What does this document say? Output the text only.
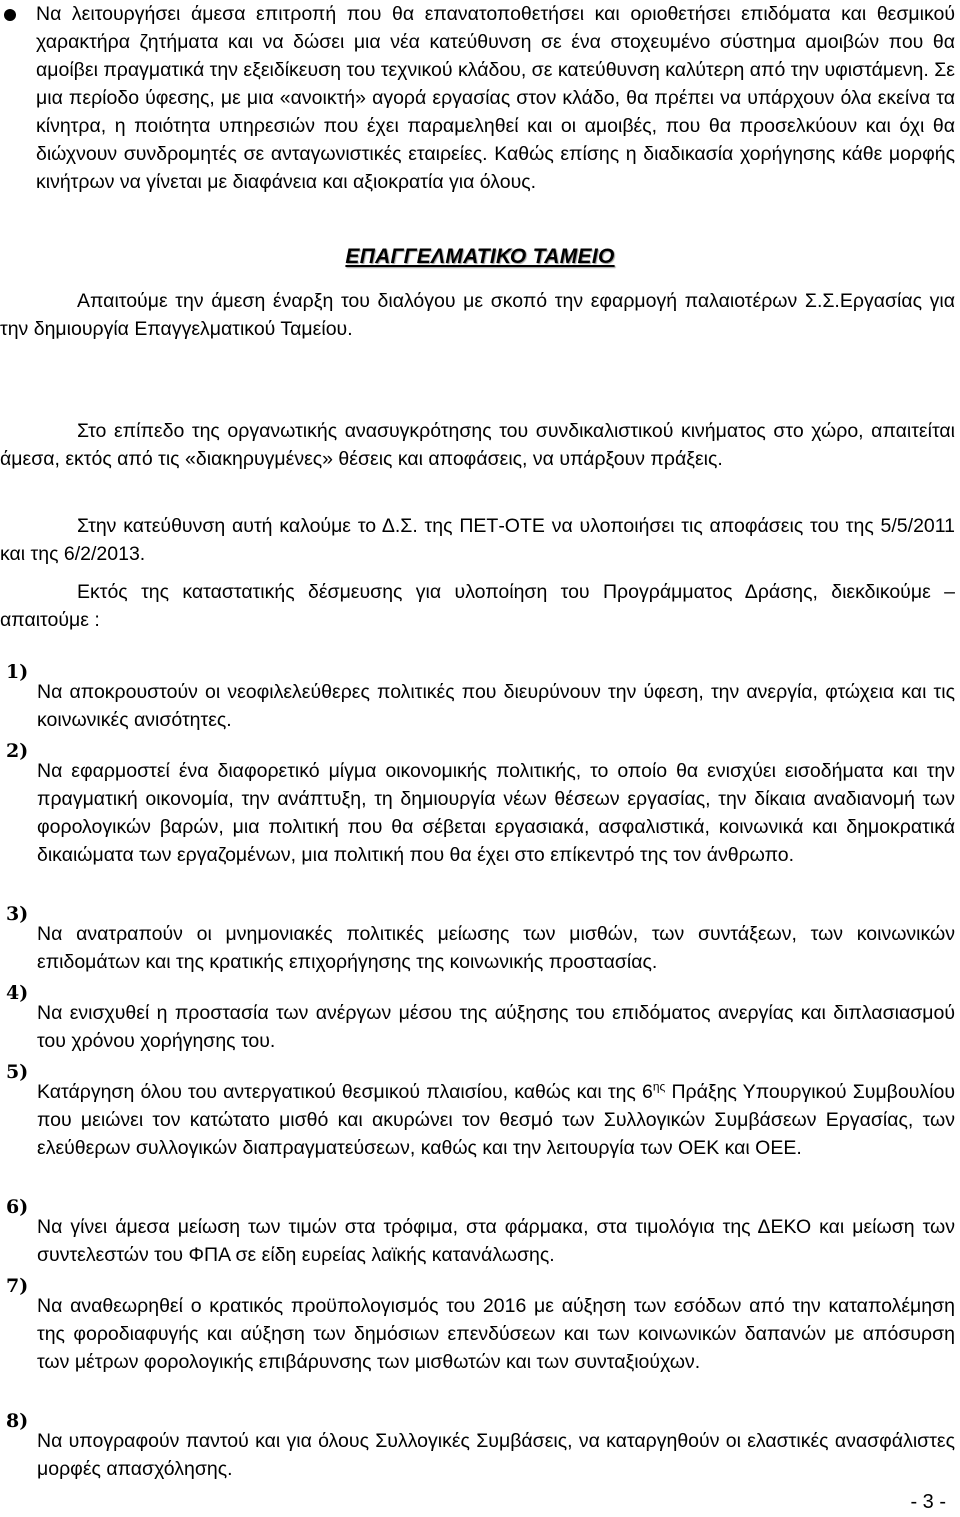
Να λειτουργήσει άμεσα επιτροπή που θα επανατοποθετήσει και οριοθετήσει επιδόματα και θεσμικού χαρακτήρα ζητήματα και να δώσει μια νέα κατεύθυνση σε ένα στοχευμένο σύστημα αμοιβών που θα αμοίβει πραγματικά την εξειδίκευση του τεχνικού κλάδου, σε κατεύθυνση καλύτερη από την υφιστάμενη. Σε μια περίοδο ύφεσης, με μια «ανοικτή» αγορά εργασίας στον κλάδο, θα πρέπει να υπάρχουν όλα εκείνα τα κίνητρα, η ποιότητα υπηρεσιών που έχει παραμεληθεί και οι αμοιβές, που θα προσελκύουν και όχι θα διώχνουν συνδρομητές σε ανταγωνιστικές εταιρείες. Καθώς επίσης η διαδικασία χορήγησης κάθε μορφής κινήτρων να γίνεται με διαφάνεια και αξιοκρατία για όλους.

ΕΠΑΓΓΕΛΜΑΤΙΚΟ ΤΑΜΕΙΟ

Απαιτούμε την άμεση έναρξη του διαλόγου με σκοπό την εφαρμογή παλαιοτέρων Σ.Σ.Εργασίας για την δημιουργία Επαγγελματικού Ταμείου.

Στο επίπεδο της οργανωτικής ανασυγκρότησης του συνδικαλιστικού κινήματος στο χώρο, απαιτείται άμεσα, εκτός από τις «διακηρυγμένες» θέσεις και αποφάσεις, να υπάρξουν πράξεις.

Στην κατεύθυνση αυτή καλούμε το Δ.Σ. της ΠΕΤ-ΟΤΕ να υλοποιήσει τις αποφάσεις του της 5/5/2011 και της 6/2/2013.

Εκτός της καταστατικής δέσμευσης για υλοποίηση του Προγράμματος Δράσης, διεκδικούμε – απαιτούμε :

1)

Να αποκρουστούν οι νεοφιλελεύθερες πολιτικές που διευρύνουν την ύφεση, την ανεργία, φτώχεια και τις κοινωνικές ανισότητες.

2)

Να εφαρμοστεί ένα διαφορετικό μίγμα οικονομικής πολιτικής, το οποίο θα ενισχύει εισοδήματα και την πραγματική οικονομία, την ανάπτυξη, τη δημιουργία νέων θέσεων εργασίας, την δίκαια αναδιανομή των φορολογικών βαρών, μια πολιτική που θα σέβεται εργασιακά, ασφαλιστικά, κοινωνικά και δημοκρατικά δικαιώματα των εργαζομένων, μια πολιτική που θα έχει στο επίκεντρό της τον άνθρωπο.

3)

Να ανατραπούν οι μνημονιακές πολιτικές μείωσης των μισθών, των συντάξεων, των κοινωνικών επιδομάτων και της κρατικής επιχορήγησης της κοινωνικής προστασίας.

4)

Να ενισχυθεί η προστασία των ανέργων μέσου της αύξησης του επιδόματος ανεργίας και διπλασιασμού του χρόνου χορήγησης του.

5)

Κατάργηση όλου του αντεργατικού θεσμικού πλαισίου, καθώς και της $6^{\eta\varsigma}$ Πράξης Υπουργικού Συμβουλίου που μειώνει τον κατώτατο μισθό και ακυρώνει τον θεσμό των Συλλογικών Συμβάσεων Εργασίας, των ελεύθερων συλλογικών διαπραγματεύσεων, καθώς και την λειτουργία των ΟΕΚ και ΟΕΕ.

6)

Να γίνει άμεσα μείωση των τιμών στα τρόφιμα, στα φάρμακα, στα τιμολόγια της ΔΕΚΟ και μείωση των συντελεστών του ΦΠΑ σε είδη ευρείας λαϊκής κατανάλωσης.

7)

Να αναθεωρηθεί ο κρατικός προϋπολογισμός του 2016 με αύξηση των εσόδων από την καταπολέμηση της φοροδιαφυγής και αύξηση των δημόσιων επενδύσεων και των κοινωνικών δαπανών με απόσυρση των μέτρων φορολογικής επιβάρυνσης των μισθωτών και των συνταξιούχων.

8)

Να υπογραφούν παντού και για όλους Συλλογικές Συμβάσεις, να καταργηθούν οι ελαστικές ανασφάλιστες μορφές απασχόλησης.

- 3 -
